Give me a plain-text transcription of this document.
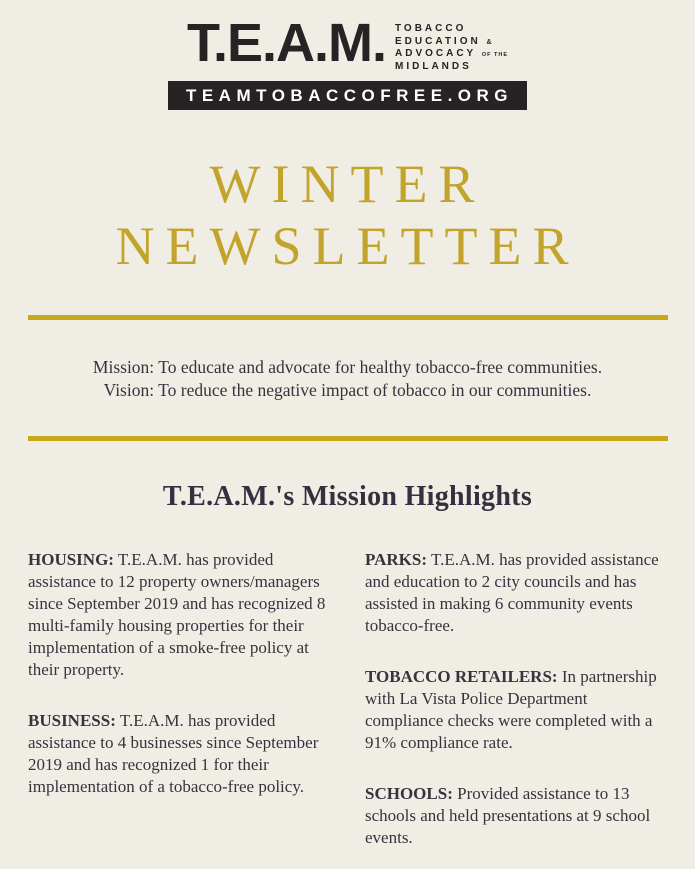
T.E.A.M. TOBACCO
EDUCATION &
ADVOCACY OF THE
MIDLANDS
TEAMTOBACCOFREE.ORG
WINTER
NEWSLETTER
Mission: To educate and advocate for healthy tobacco-free communities.
Vision: To reduce the negative impact of tobacco in our communities.
T.E.A.M.'s Mission Highlights

HOUSING: T.E.A.M. has provided assistance to 12 property owners/managers since September 2019 and has recognized 8 multi-family housing properties for their implementation of a smoke-free policy at their property.

BUSINESS: T.E.A.M. has provided assistance to 4 businesses since September 2019 and has recognized 1 for their implementation of a tobacco-free policy.

PARKS: T.E.A.M. has provided assistance and education to 2 city councils and has assisted in making 6 community events tobacco-free.

TOBACCO RETAILERS: In partnership with La Vista Police Department compliance checks were completed with a 91% compliance rate.

SCHOOLS: Provided assistance to 13 schools and held presentations at 9 school events.
